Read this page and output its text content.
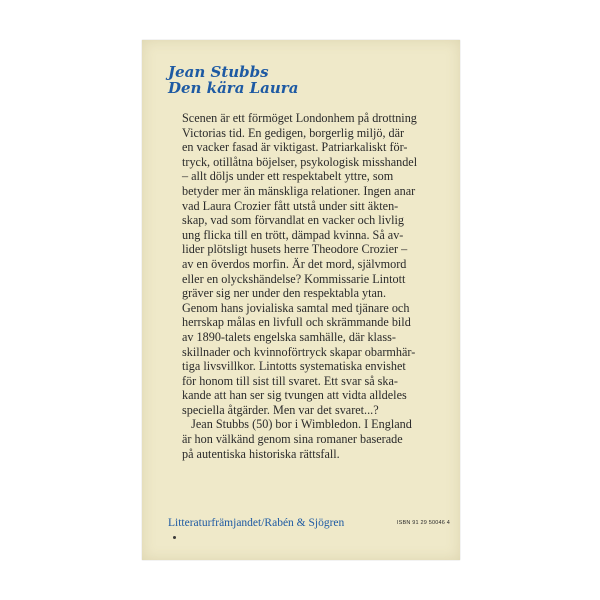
Jean Stubbs
Den kära Laura
Scenen är ett förmöget Londonhem på drottning
Victorias tid. En gedigen, borgerlig miljö, där
en vacker fasad är viktigast. Patriarkaliskt för-
tryck, otillåtna böjelser, psykologisk misshandel
– allt döljs under ett respektabelt yttre, som
betyder mer än mänskliga relationer. Ingen anar
vad Laura Crozier fått utstå under sitt äkten-
skap, vad som förvandlat en vacker och livlig
ung flicka till en trött, dämpad kvinna. Så av-
lider plötsligt husets herre Theodore Crozier –
av en överdos morfin. Är det mord, självmord
eller en olyckshändelse? Kommissarie Lintott
gräver sig ner under den respektabla ytan.
Genom hans jovialiska samtal med tjänare och
herrskap målas en livfull och skrämmande bild
av 1890-talets engelska samhälle, där klass-
skillnader och kvinnoförtryck skapar obarmhär-
tiga livsvillkor. Lintotts systematiska envishet
för honom till sist till svaret. Ett svar så ska-
kande att han ser sig tvungen att vidta alldeles
speciella åtgärder. Men var det svaret...?
Jean Stubbs (50) bor i Wimbledon. I England
är hon välkänd genom sina romaner baserade
på autentiska historiska rättsfall.
Litteraturfrämjandet/Rabén & Sjögren	ISBN 91 29 50046 4
